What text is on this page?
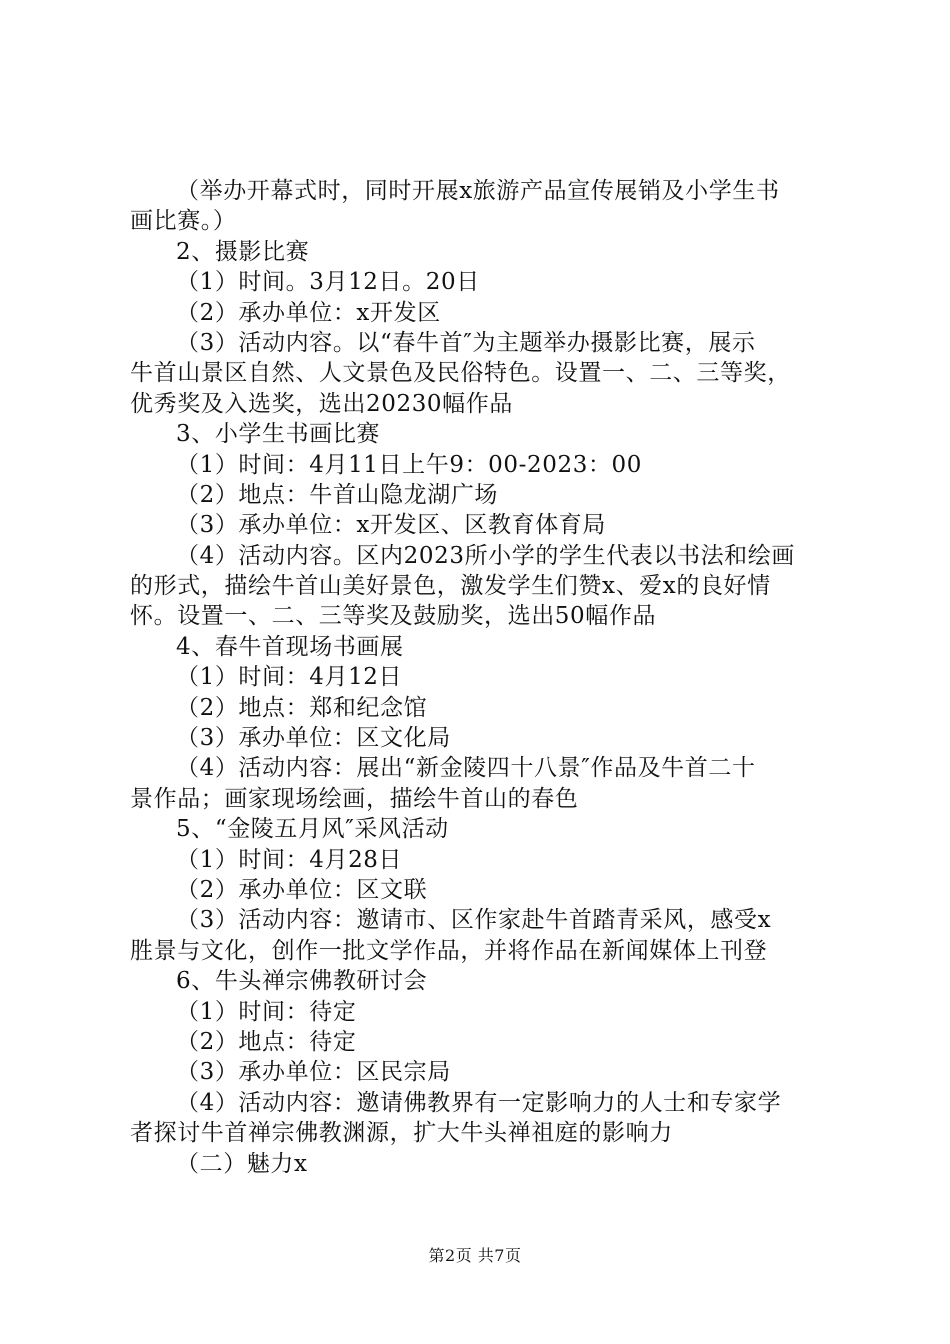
（举办开幕式时，同时开展x旅游产品宣传展销及小学生书
画比赛。）
2、摄影比赛
（1）时间。3月12日。20日
（2）承办单位：x开发区
（3）活动内容。以“春牛首″为主题举办摄影比赛，展示
牛首山景区自然、人文景色及民俗特色。设置一、二、三等奖，
优秀奖及入选奖，选出20230幅作品
3、小学生书画比赛
（1）时间：4月11日上午9：00-2023：00
（2）地点：牛首山隐龙湖广场
（3）承办单位：x开发区、区教育体育局
（4）活动内容。区内2023所小学的学生代表以书法和绘画
的形式，描绘牛首山美好景色，激发学生们赞x、爱x的良好情
怀。设置一、二、三等奖及鼓励奖，选出50幅作品
4、春牛首现场书画展
（1）时间：4月12日
（2）地点：郑和纪念馆
（3）承办单位：区文化局
（4）活动内容：展出“新金陵四十八景″作品及牛首二十
景作品；画家现场绘画，描绘牛首山的春色
5、“金陵五月风″采风活动
（1）时间：4月28日
（2）承办单位：区文联
（3）活动内容：邀请市、区作家赴牛首踏青采风，感受x
胜景与文化，创作一批文学作品，并将作品在新闻媒体上刊登
6、牛头禅宗佛教研讨会
（1）时间：待定
（2）地点：待定
（3）承办单位：区民宗局
（4）活动内容：邀请佛教界有一定影响力的人士和专家学
者探讨牛首禅宗佛教渊源，扩大牛头禅祖庭的影响力
（二）魅力x
第2页 共7页
